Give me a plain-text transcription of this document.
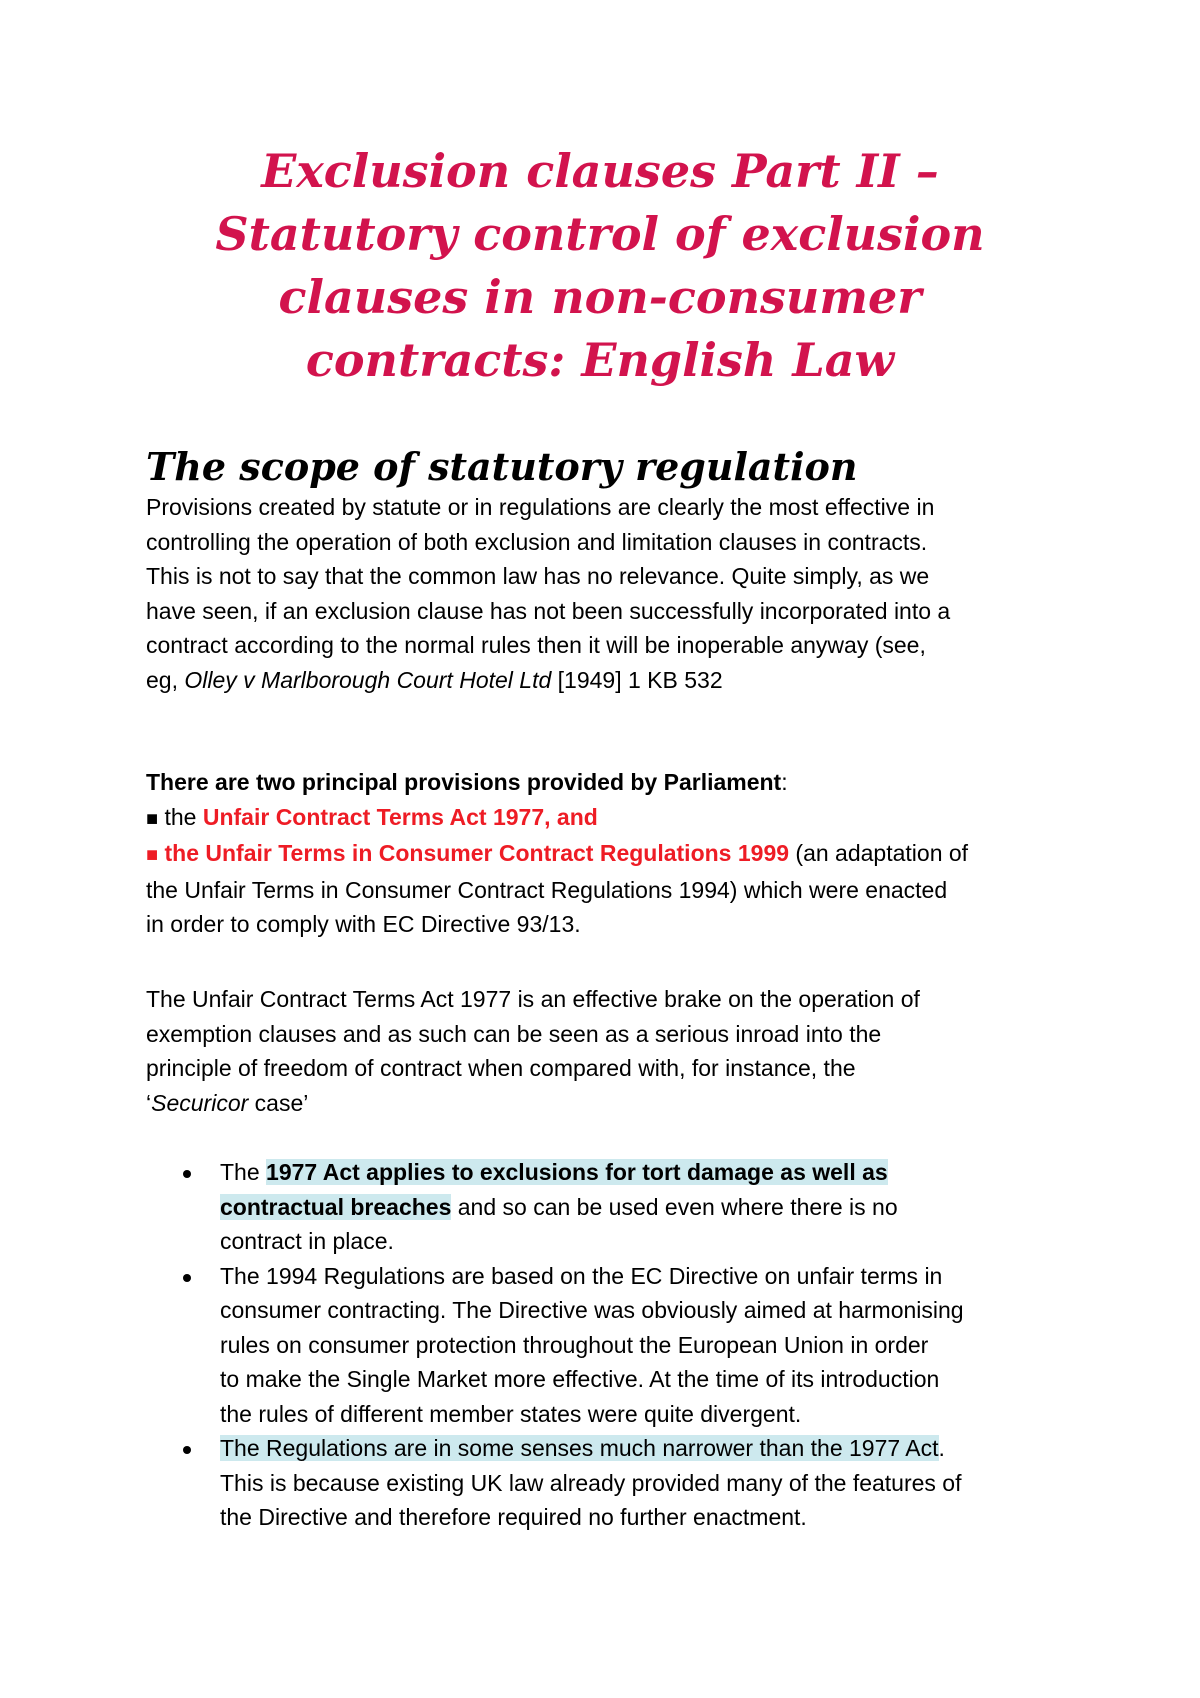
Exclusion clauses Part II –
Statutory control of exclusion
clauses in non-consumer
contracts: English Law
The scope of statutory regulation

Provisions created by statute or in regulations are clearly the most effective in
controlling the operation of both exclusion and limitation clauses in contracts.
This is not to say that the common law has no relevance. Quite simply, as we
have seen, if an exclusion clause has not been successfully incorporated into a
contract according to the normal rules then it will be inoperable anyway (see,
eg, Olley v Marlborough Court Hotel Ltd [1949] 1 KB 532

There are two principal provisions provided by Parliament:
■ the Unfair Contract Terms Act 1977, and
■ the Unfair Terms in Consumer Contract Regulations 1999 (an adaptation of
the Unfair Terms in Consumer Contract Regulations 1994) which were enacted
in order to comply with EC Directive 93/13.

The Unfair Contract Terms Act 1977 is an effective brake on the operation of
exemption clauses and as such can be seen as a serious inroad into the
principle of freedom of contract when compared with, for instance, the
‘Securicor case’

The 1977 Act applies to exclusions for tort damage as well as
contractual breaches and so can be used even where there is no
contract in place.
The 1994 Regulations are based on the EC Directive on unfair terms in
consumer contracting. The Directive was obviously aimed at harmonising
rules on consumer protection throughout the European Union in order
to make the Single Market more effective. At the time of its introduction
the rules of different member states were quite divergent.
The Regulations are in some senses much narrower than the 1977 Act.
This is because existing UK law already provided many of the features of
the Directive and therefore required no further enactment.
